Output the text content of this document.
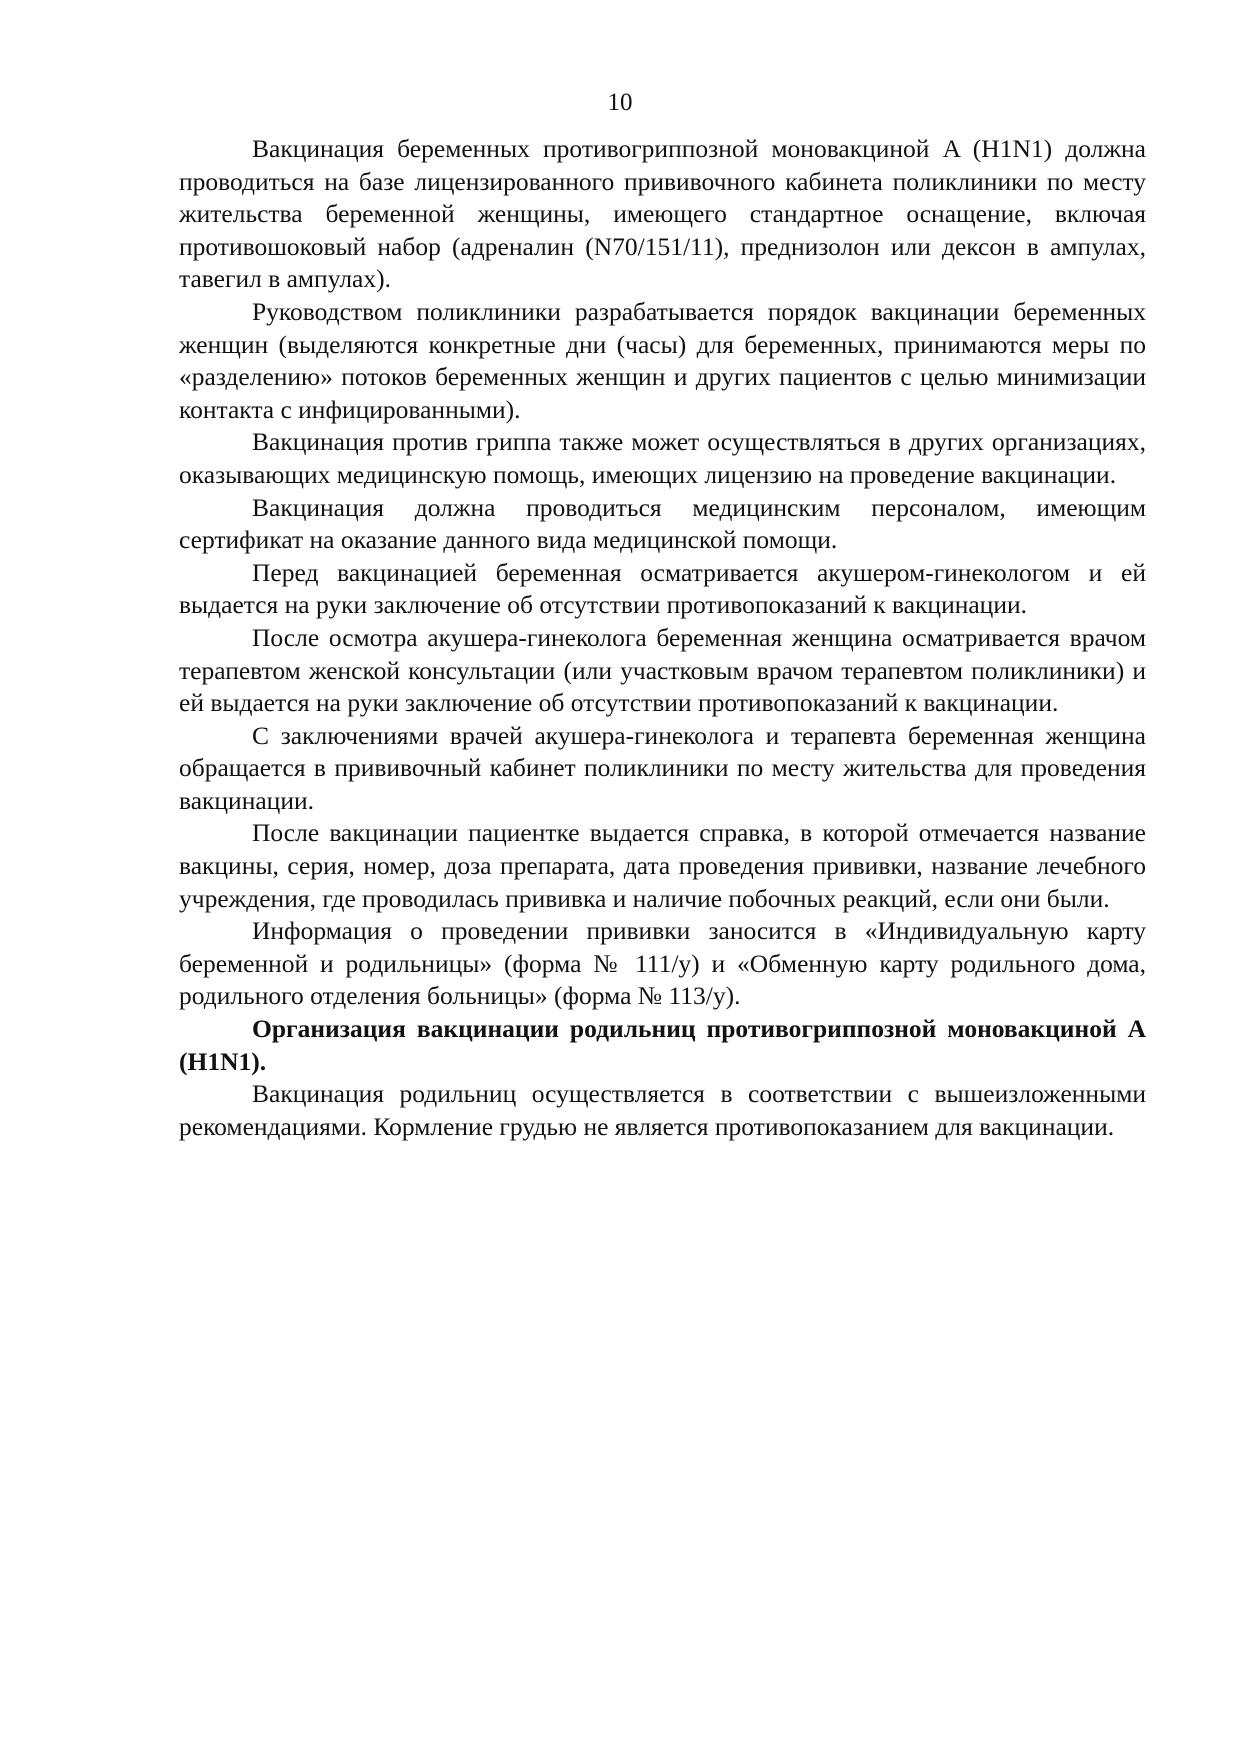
10

Вакцинация беременных противогриппозной моновакциной A (H1N1) должна проводиться на базе лицензированного прививочного кабинета поликлиники по месту жительства беременной женщины, имеющего стандартное оснащение, включая противошоковый набор (адреналин (N70/151/11), преднизолон или дексон в ампулах, тавегил в ампулах).

Руководством поликлиники разрабатывается порядок вакцинации беременных женщин (выделяются конкретные дни (часы) для беременных, принимаются меры по «разделению» потоков беременных женщин и других пациентов с целью минимизации контакта с инфицированными).

Вакцинация против гриппа также может осуществляться в других организациях, оказывающих медицинскую помощь, имеющих лицензию на проведение вакцинации.

Вакцинация должна проводиться медицинским персоналом, имеющим сертификат на оказание данного вида медицинской помощи.

Перед вакцинацией беременная осматривается акушером-гинекологом и ей выдается на руки заключение об отсутствии противопоказаний к вакцинации.

После осмотра акушера-гинеколога беременная женщина осматривается врачом терапевтом женской консультации (или участковым врачом терапевтом поликлиники) и ей выдается на руки заключение об отсутствии противопоказаний к вакцинации.

С заключениями врачей акушера-гинеколога и терапевта беременная женщина обращается в прививочный кабинет поликлиники по месту жительства для проведения вакцинации.

После вакцинации пациентке выдается справка, в которой отмечается название вакцины, серия, номер, доза препарата, дата проведения прививки, название лечебного учреждения, где проводилась прививка и наличие побочных реакций, если они были.

Информация о проведении прививки заносится в «Индивидуальную карту беременной и родильницы» (форма № 111/у) и «Обменную карту родильного дома, родильного отделения больницы» (форма № 113/у).

Организация вакцинации родильниц противогриппозной моновакциной А (H1N1).

Вакцинация родильниц осуществляется в соответствии с вышеизложенными рекомендациями. Кормление грудью не является противопоказанием для вакцинации.
